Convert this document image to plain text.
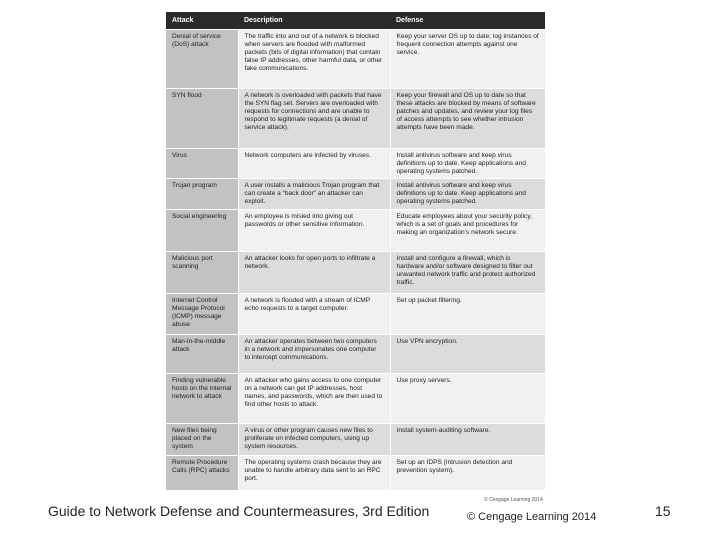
Attack	Description	Defense
Denial of service (DoS) attack	The traffic into and out of a network is blocked when servers are flooded with malformed packets (bits of digital information) that contain false IP addresses, other harmful data, or other fake communications.	Keep your server OS up to date; log instances of frequent connection attempts against one service.
SYN flood	A network is overloaded with packets that have the SYN flag set. Servers are overloaded with requests for connections and are unable to respond to legitimate requests (a denial of service attack).	Keep your firewall and OS up to date so that these attacks are blocked by means of software patches and updates, and review your log files of access attempts to see whether intrusion attempts have been made.
Virus	Network computers are infected by viruses.	Install antivirus software and keep virus definitions up to date. Keep applications and operating systems patched.
Trojan program	A user installs a malicious Trojan program that can create a “back door” an attacker can exploit.	Install antivirus software and keep virus definitions up to date. Keep applications and operating systems patched.
Social engineering	An employee is misled into giving out passwords or other sensitive information.	Educate employees about your security policy, which is a set of goals and procedures for making an organization’s network secure.
Malicious port scanning	An attacker looks for open ports to infiltrate a network.	Install and configure a firewall, which is hardware and/or software designed to filter out unwanted network traffic and protect authorized traffic.
Internet Control Message Protocol (ICMP) message abuse	A network is flooded with a stream of ICMP echo requests to a target computer.	Set up packet filtering.
Man-in-the-middle attack	An attacker operates between two computers in a network and impersonates one computer to intercept communications.	Use VPN encryption.
Finding vulnerable hosts on the internal network to attack	An attacker who gains access to one computer on a network can get IP addresses, host names, and passwords, which are then used to find other hosts to attack.	Use proxy servers.
New files being placed on the system	A virus or other program causes new files to proliferate on infected computers, using up system resources.	Install system-auditing software.
Remote Procedure Calls (RPC) attacks	The operating systems crash because they are unable to handle arbitrary data sent to an RPC port.	Set up an IDPS (intrusion detection and prevention system).
Guide to Network Defense and Countermeasures, 3rd Edition
© Cengage Learning 2014
© Cengage Learning 2014	15
